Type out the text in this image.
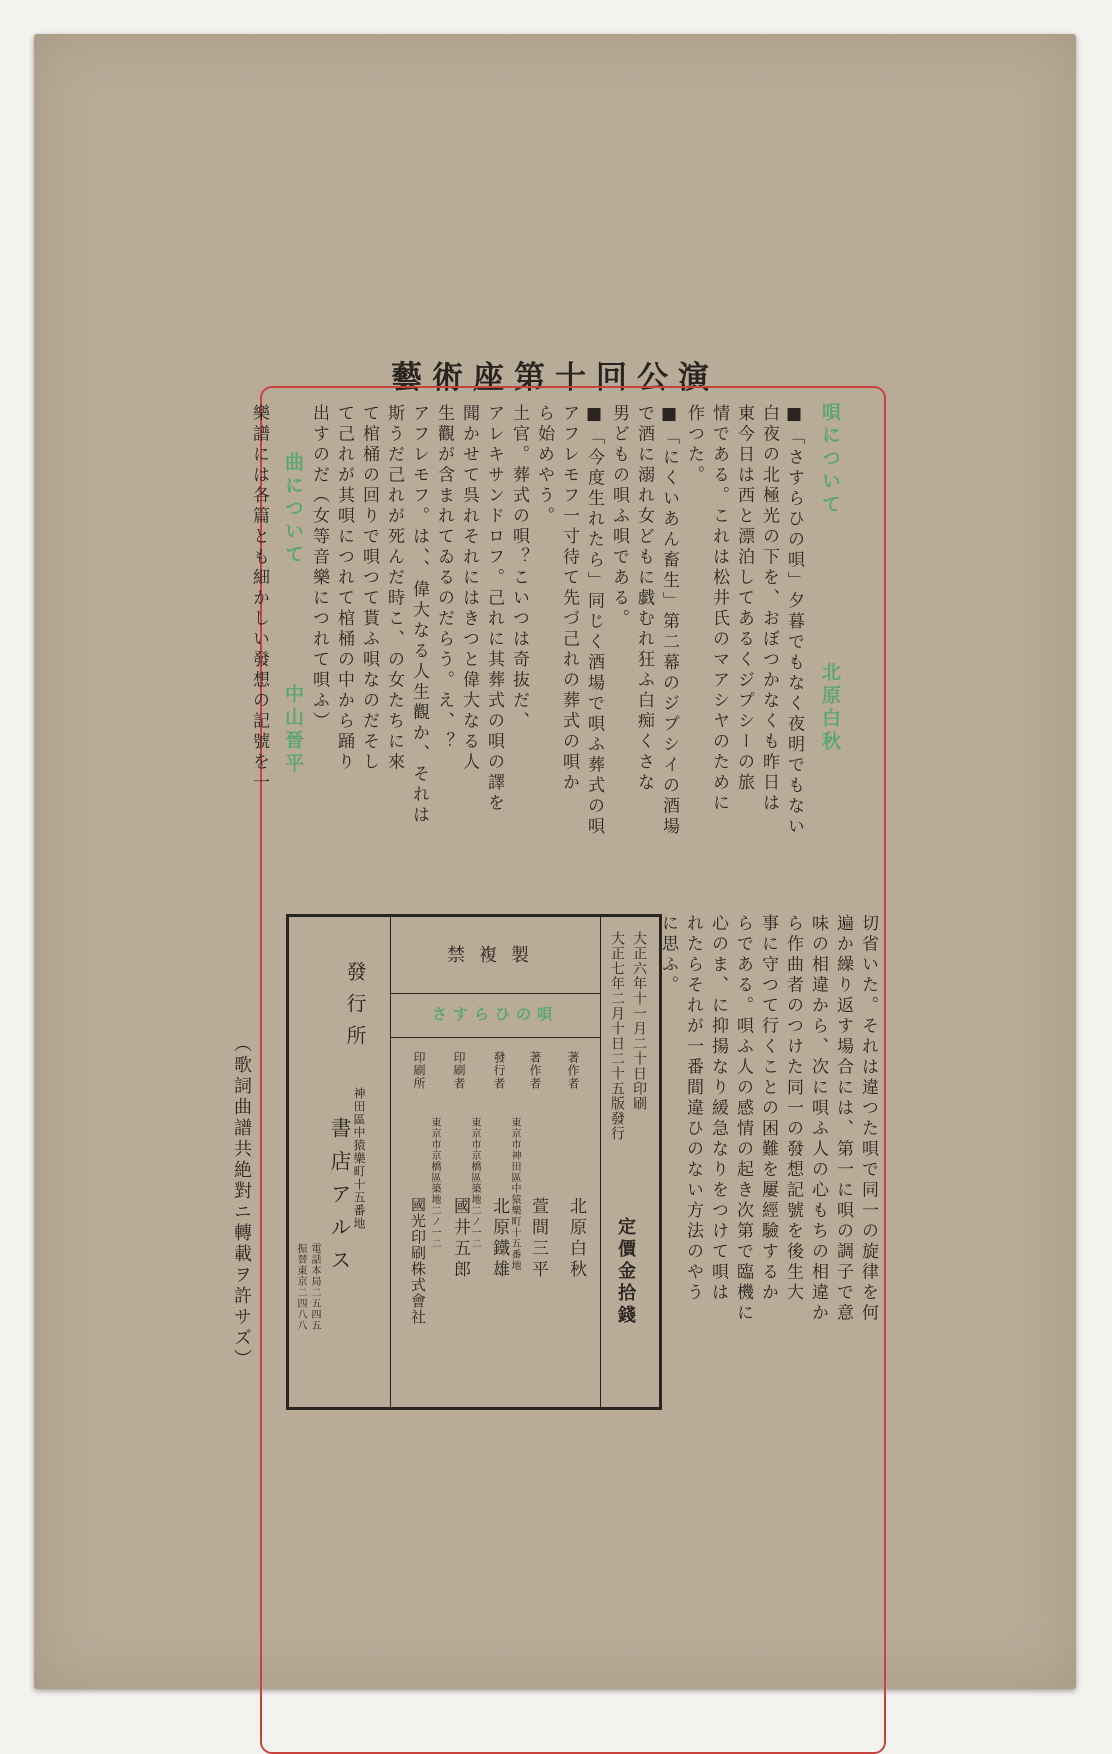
藝術座第十回公演
唄について
北原白秋
■「さすらひの唄」夕暮でもなく夜明でもない
白夜の北極光の下を、おぼつかなくも昨日は
東今日は西と漂泊してあるくジプシーの旅
情である。これは松井氏のマアシヤのために
作つた。
■「にくいあん畜生」第二幕のジプシイの酒場
で酒に溺れ女どもに戯むれ狂ふ白痴くさな
男どもの唄ふ唄である。
■「今度生れたら」同じく酒場で唄ふ葬式の唄
アフレモフ一寸待て先づ己れの葬式の唄か
ら始めやう。
土官。葬式の唄？こいつは奇抜だ、
アレキサンドロフ。己れに其葬式の唄の譯を
聞かせて呉れそれにはきつと偉大なる人
生觀が含まれてゐるのだらう。え、？
アフレモフ。は、、偉大なる人生觀か、それは
斯うだ己れが死んだ時こ、の女たちに來
て棺桶の回りで唄つて貰ふ唄なのだそし
て己れが其唄につれて棺桶の中から踊り
出すのだ（女等音樂につれて唄ふ）
曲について
中山晉平
樂譜には各篇とも細かしい發想の記號を一
切省いた。それは違つた唄で同一の旋律を何
遍か繰り返す場合には、第一に唄の調子で意
味の相違から、次に唄ふ人の心もちの相違か
ら作曲者のつけた同一の發想記號を後生大
事に守つて行くことの困難を屢經驗するか
らである。唄ふ人の感情の起き次第で臨機に
心のま、に抑揚なり緩急なりをつけて唄は
れたらそれが一番間違ひのない方法のやう
に思ふ。
大正六年十一月二十日印刷
大正七年二月十日二十五版發行
定價金拾錢
禁複製
さすらひの唄
著作者
北原白秋
著作者
萱間三平
發行者
東京市神田區中猿樂町十五番地
北原鐵雄
印刷者
東京市京橋區築地二ノ一二
國井五郎
印刷所
東京市京橋區築地二ノ一二
國光印刷株式會社
發行所
神田區中猿樂町十五番地
書店アルス
電話本局二五四五
振替東京二四八八
（歌詞曲譜共絶對ニ轉載ヲ許サズ）
